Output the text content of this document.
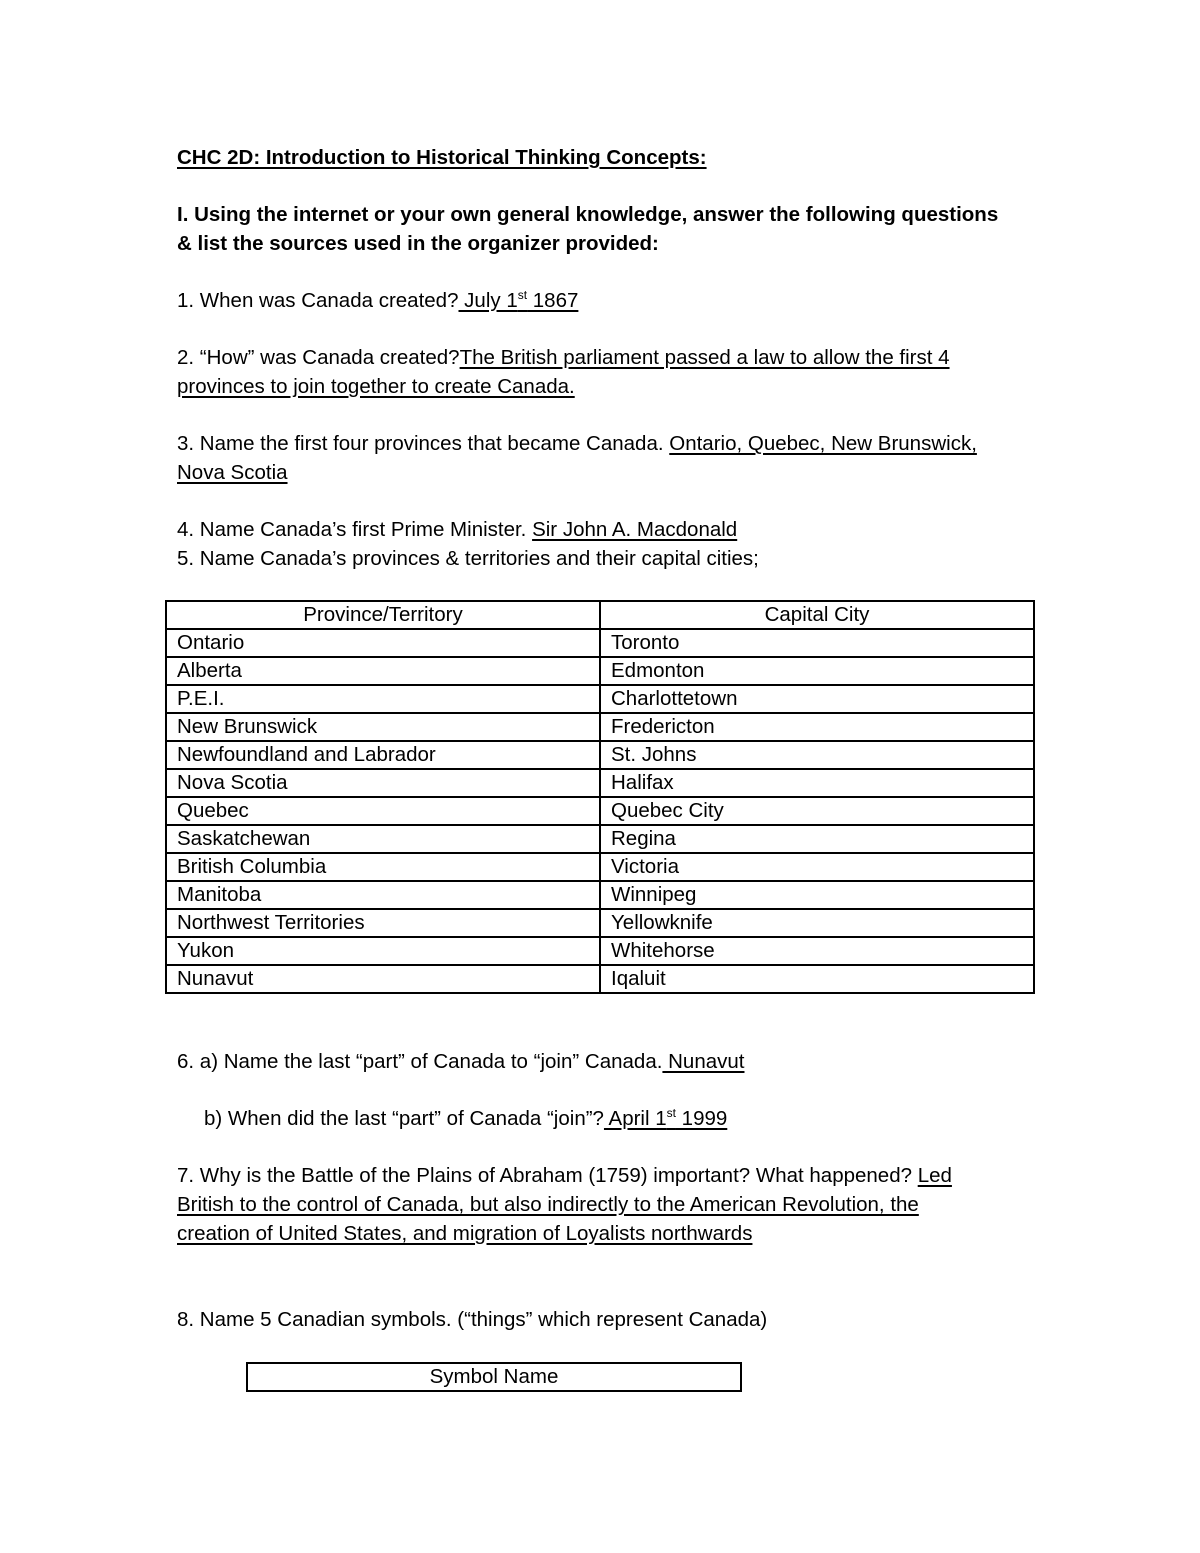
CHC 2D: Introduction to Historical Thinking Concepts:

I. Using the internet or your own general knowledge, answer the following questions

& list the sources used in the organizer provided:

1. When was Canada created? July 1st 1867

2. “How” was Canada created?The British parliament passed a law to allow the first 4

provinces to join together to create Canada.

3. Name the first four provinces that became Canada. Ontario, Quebec, New Brunswick,

Nova Scotia

4. Name Canada’s first Prime Minister. Sir John A. Macdonald

5. Name Canada’s provinces & territories and their capital cities;

Province/Territory	Capital City
Ontario	Toronto
Alberta	Edmonton
P.E.I.	Charlottetown
New Brunswick	Fredericton
Newfoundland and Labrador	St. Johns
Nova Scotia	Halifax
Quebec	Quebec City
Saskatchewan	Regina
British Columbia	Victoria
Manitoba	Winnipeg
Northwest Territories	Yellowknife
Yukon	Whitehorse
Nunavut	Iqaluit

6. a) Name the last “part” of Canada to “join” Canada. Nunavut

b) When did the last “part” of Canada “join”? April 1st 1999

7. Why is the Battle of the Plains of Abraham (1759) important? What happened? Led

British to the control of Canada, but also indirectly to the American Revolution, the

creation of United States, and migration of Loyalists northwards

8. Name 5 Canadian symbols. (“things” which represent Canada)

Symbol Name
